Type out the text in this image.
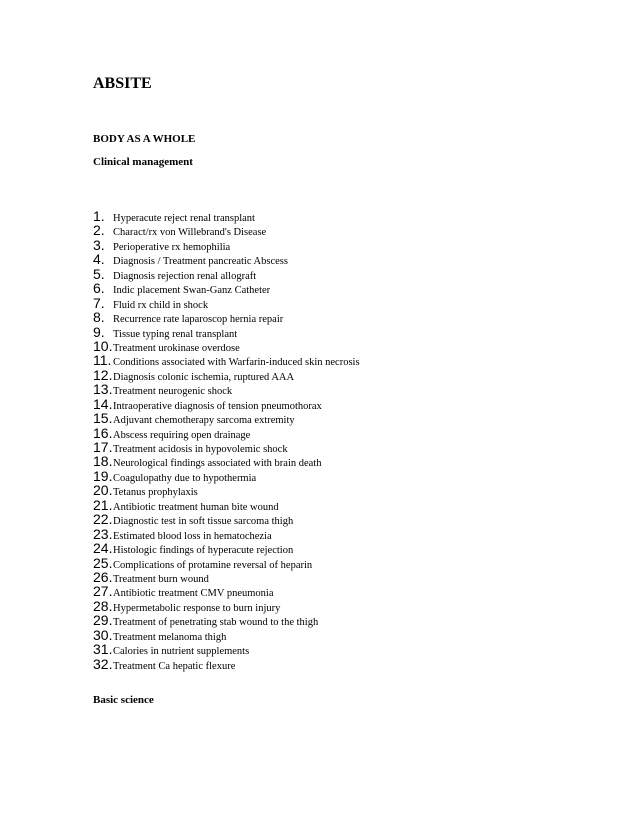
ABSITE
BODY AS A WHOLE
Clinical management
1. Hyperacute reject renal transplant
2. Charact/rx von Willebrand's Disease
3. Perioperative rx hemophilia
4. Diagnosis / Treatment pancreatic Abscess
5. Diagnosis rejection renal allograft
6. Indic placement Swan-Ganz Catheter
7. Fluid rx child in shock
8. Recurrence rate laparoscop hernia repair
9. Tissue typing renal transplant
10. Treatment urokinase overdose
11. Conditions associated with Warfarin-induced skin necrosis
12. Diagnosis colonic ischemia, ruptured AAA
13. Treatment neurogenic shock
14. Intraoperative diagnosis of tension pneumothorax
15. Adjuvant chemotherapy sarcoma extremity
16. Abscess requiring open drainage
17. Treatment acidosis in hypovolemic shock
18. Neurological findings associated with brain death
19. Coagulopathy due to hypothermia
20. Tetanus prophylaxis
21. Antibiotic treatment human bite wound
22. Diagnostic test in soft tissue sarcoma thigh
23. Estimated blood loss in hematochezia
24. Histologic findings of hyperacute rejection
25. Complications of protamine reversal of heparin
26. Treatment burn wound
27. Antibiotic treatment CMV pneumonia
28. Hypermetabolic response to burn injury
29. Treatment of penetrating stab wound to the thigh
30. Treatment melanoma thigh
31. Calories in nutrient supplements
32. Treatment Ca hepatic flexure
Basic science
